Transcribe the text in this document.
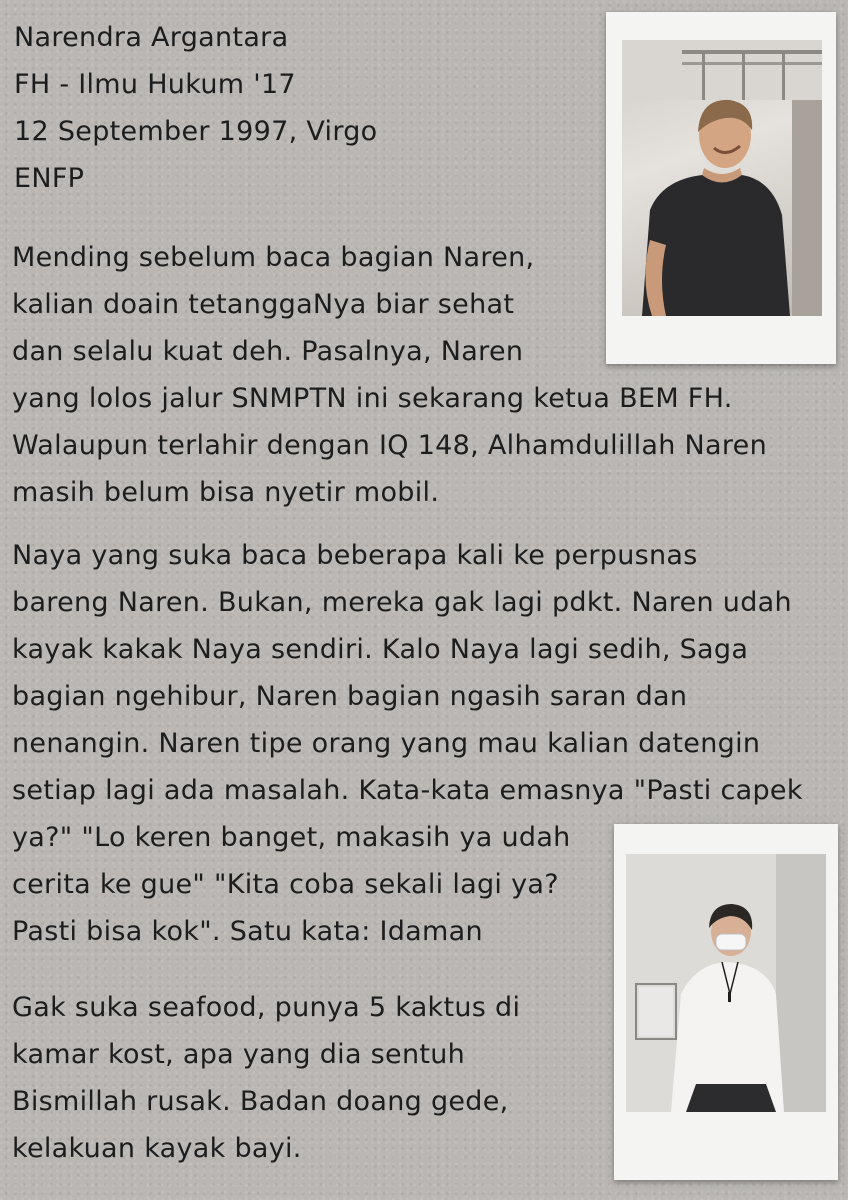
Narendra Argantara
FH - Ilmu Hukum '17
12 September 1997, Virgo
ENFP
Mending sebelum baca bagian Naren,
kalian doain tetanggaNya biar sehat
dan selalu kuat deh. Pasalnya, Naren
yang lolos jalur SNMPTN ini sekarang ketua BEM FH.
Walaupun terlahir dengan IQ 148, Alhamdulillah Naren
masih belum bisa nyetir mobil.
Naya yang suka baca beberapa kali ke perpusnas
bareng Naren. Bukan, mereka gak lagi pdkt. Naren udah
kayak kakak Naya sendiri. Kalo Naya lagi sedih, Saga
bagian ngehibur, Naren bagian ngasih saran dan
nenangin. Naren tipe orang yang mau kalian datengin
setiap lagi ada masalah. Kata-kata emasnya "Pasti capek
ya?" "Lo keren banget, makasih ya udah
cerita ke gue" "Kita coba sekali lagi ya?
Pasti bisa kok". Satu kata: Idaman
Gak suka seafood, punya 5 kaktus di
kamar kost, apa yang dia sentuh
Bismillah rusak. Badan doang gede,
kelakuan kayak bayi.
